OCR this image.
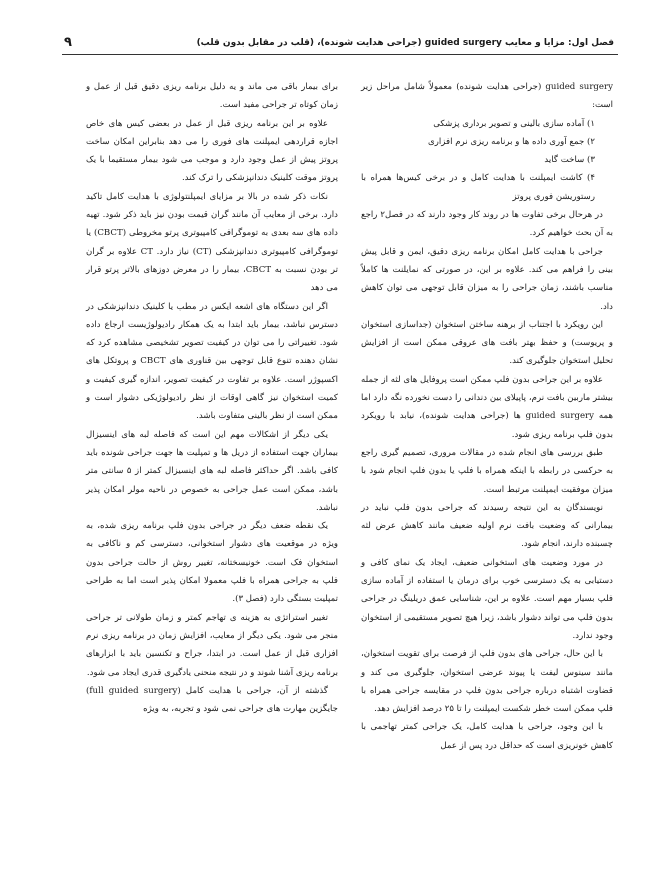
فصل اول: مزایا و معایب guided surgery (جراحی هدایت شونده)، (قلب در مقابل بدون قلب)
۹

guided surgery (جراحی هدایت شونده) معمولاً شامل مراحل زیر است:

۱) آماده سازی بالینی و تصویر برداری پزشکی

۲) جمع آوری داده ها و برنامه ریزی نرم افزاری

۳) ساخت گاید

۴) کاشت ایمپلنت با هدایت کامل و در برخی کیس‌ها همراه با رستوریشن فوری پروتز

در هرحال برخی تفاوت ها در روند کار وجود دارند که در فصل۲ راجع به آن بحث خواهیم کرد.

جراحی با هدایت کامل امکان برنامه ریزی دقیق، ایمن و قابل پیش بینی را فراهم می کند. علاوه بر این، در صورتی که نمایلنت ها کاملاً مناسب باشند، زمان جراحی را به میزان قابل توجهی می توان کاهش داد.

این رویکرد با اجتناب از برهنه ساختن استخوان (جداسازی استخوان و پریوست) و حفظ بهتر بافت های عروقی ممکن است از افزایش تحلیل استخوان جلوگیری کند.

علاوه بر این جراحی بدون فلپ ممکن است پروفایل های لثه از جمله بیشتر ماربین بافت نرم، پاپیلای بین دندانی را دست نخورده نگه دارد اما همه guided surgery ها (جراحی هدایت شونده)، نیابد با رویکرد بدون فلپ برنامه ریزی شود.

طبق بررسی های انجام شده در مقالات مروری، تصمیم گیری راجع به حرکسی در رابطه با اینکه همراه با فلپ یا بدون فلپ انجام شود با میزان موفقیت ایمپلنت مرتبط است.

نویسندگان به این نتیجه رسیدند که جراحی بدون فلپ نباید در بیمارانی که وضعیت بافت نرم اولیه ضعیف مانند کاهش عرض لثه چسبنده دارند، انجام شود.

در مورد وضعیت های استخوانی ضعیف، ایجاد یک نمای کافی و دستیابی به یک دسترسی خوب برای درمان یا استفاده از آماده سازی فلپ بسیار مهم است. علاوه بر این، شناسایی عمق دریلینگ در جراحی بدون فلپ می تواند دشوار باشد، زیرا هیچ تصویر مستقیمی از استخوان وجود ندارد.

با این حال، جراحی های بدون فلپ از فرصت برای تقویت استخوان، مانند سینوس لیفت یا پیوند عرضی استخوان، جلوگیری می کند و قضاوت اشتباه درباره جراحی بدون فلپ در مقایسه جراحی همراه با فلپ ممکن است خطر شکست ایمپلنت را تا ۲۵ درصد افزایش دهد.

با این وجود، جراحی با هدایت کامل، یک جراحی کمتر تهاجمی با کاهش خونریزی است که حداقل درد پس از عمل

برای بیمار باقی می ماند و یه دلیل برنامه ریزی دقیق قبل از عمل و زمان کوتاه تر جراحی مفید است.

علاوه بر این برنامه ریزی قبل از عمل در بعضی کیس های خاص اجازه قراردهی ایمپلنت های فوری را می دهد بنابراین امکان ساخت پروتز پیش از عمل وجود دارد و موجب می شود بیمار مستقیما با یک پروتز موقت کلینیک دندانپزشکی را ترک کند.

نکات ذکر شده در بالا بر مزایای ایمپلنتولوژی با هدایت کامل تاکید دارد. برخی از معایب آن مانند گران قیمت بودن نیز باید ذکر شود. تهیه داده های سه بعدی به توموگرافی کامپیوتری پرتو مخروطی (CBCT) یا توموگرافی کامپیوتری دندانپزشکی (CT) نیاز دارد. CT علاوه بر گران تر بودن نسبت به CBCT، بیمار را در معرض دوزهای بالاتر پرتو قرار می دهد

اگر این دستگاه های اشعه ایکس در مطب یا کلینیک دندانپزشکی در دسترس نباشد، بیمار باید ابتدا به یک همکار رادیولوژیست ارجاع داده شود. تغییراتی را می توان در کیفیت تصویر تشخیصی مشاهده کرد که نشان دهنده تنوع قابل توجهی بین قناوری های CBCT و پروتکل های اکسپوژر است. علاوه بر تفاوت در کیفیت تصویر، اندازه گیری کیفیت و کمیت استخوان نیز گاهی اوقات از نظر رادیولوژیکی دشوار است و ممکن است از نظر بالینی متفاوت باشد.

یکی دیگر از اشکالات مهم این است که فاصله لبه های اینسیزال بیماران جهت استفاده از دریل ها و تمپلیت ها جهت جراحی شونده باید کافی باشد. اگر حداکثر فاصله لبه های اینسیزال کمتر از ۵ سانتی متر باشد، ممکن است عمل جراحی به خصوص در ناحیه مولر امکان پذیر نباشد.

یک نقطه ضعف دیگر در جراحی بدون فلپ برنامه ریزی شده، به ویژه در موقعیت های دشوار استخوانی، دسترسی کم و ناکافی به استخوان فک است. خونیسختانه، تغییر روش از حالت جراحی بدون فلپ به جراحی همراه با فلپ معمولا امکان پذیر است اما به طراحی تمپلیت بستگی دارد (فصل ۳).

تغییر استراتژی به هزینه ی تهاجم کمتر و زمان طولانی تر جراحی منجر می شود. یکی دیگر از معایب، افزایش زمان در برنامه ریزی نرم افزاری قبل از عمل است. در ابتدا، جراح و تکنسین باید با ابزارهای برنامه ریزی آشنا شوند و در نتیجه منحنی یادگیری قدری ایجاد می شود.

گذشته از آن، جراحی با هدایت کامل (full guided surgery) جایگزین مهارت های جراحی نمی شود و تجربه، به ویژه
